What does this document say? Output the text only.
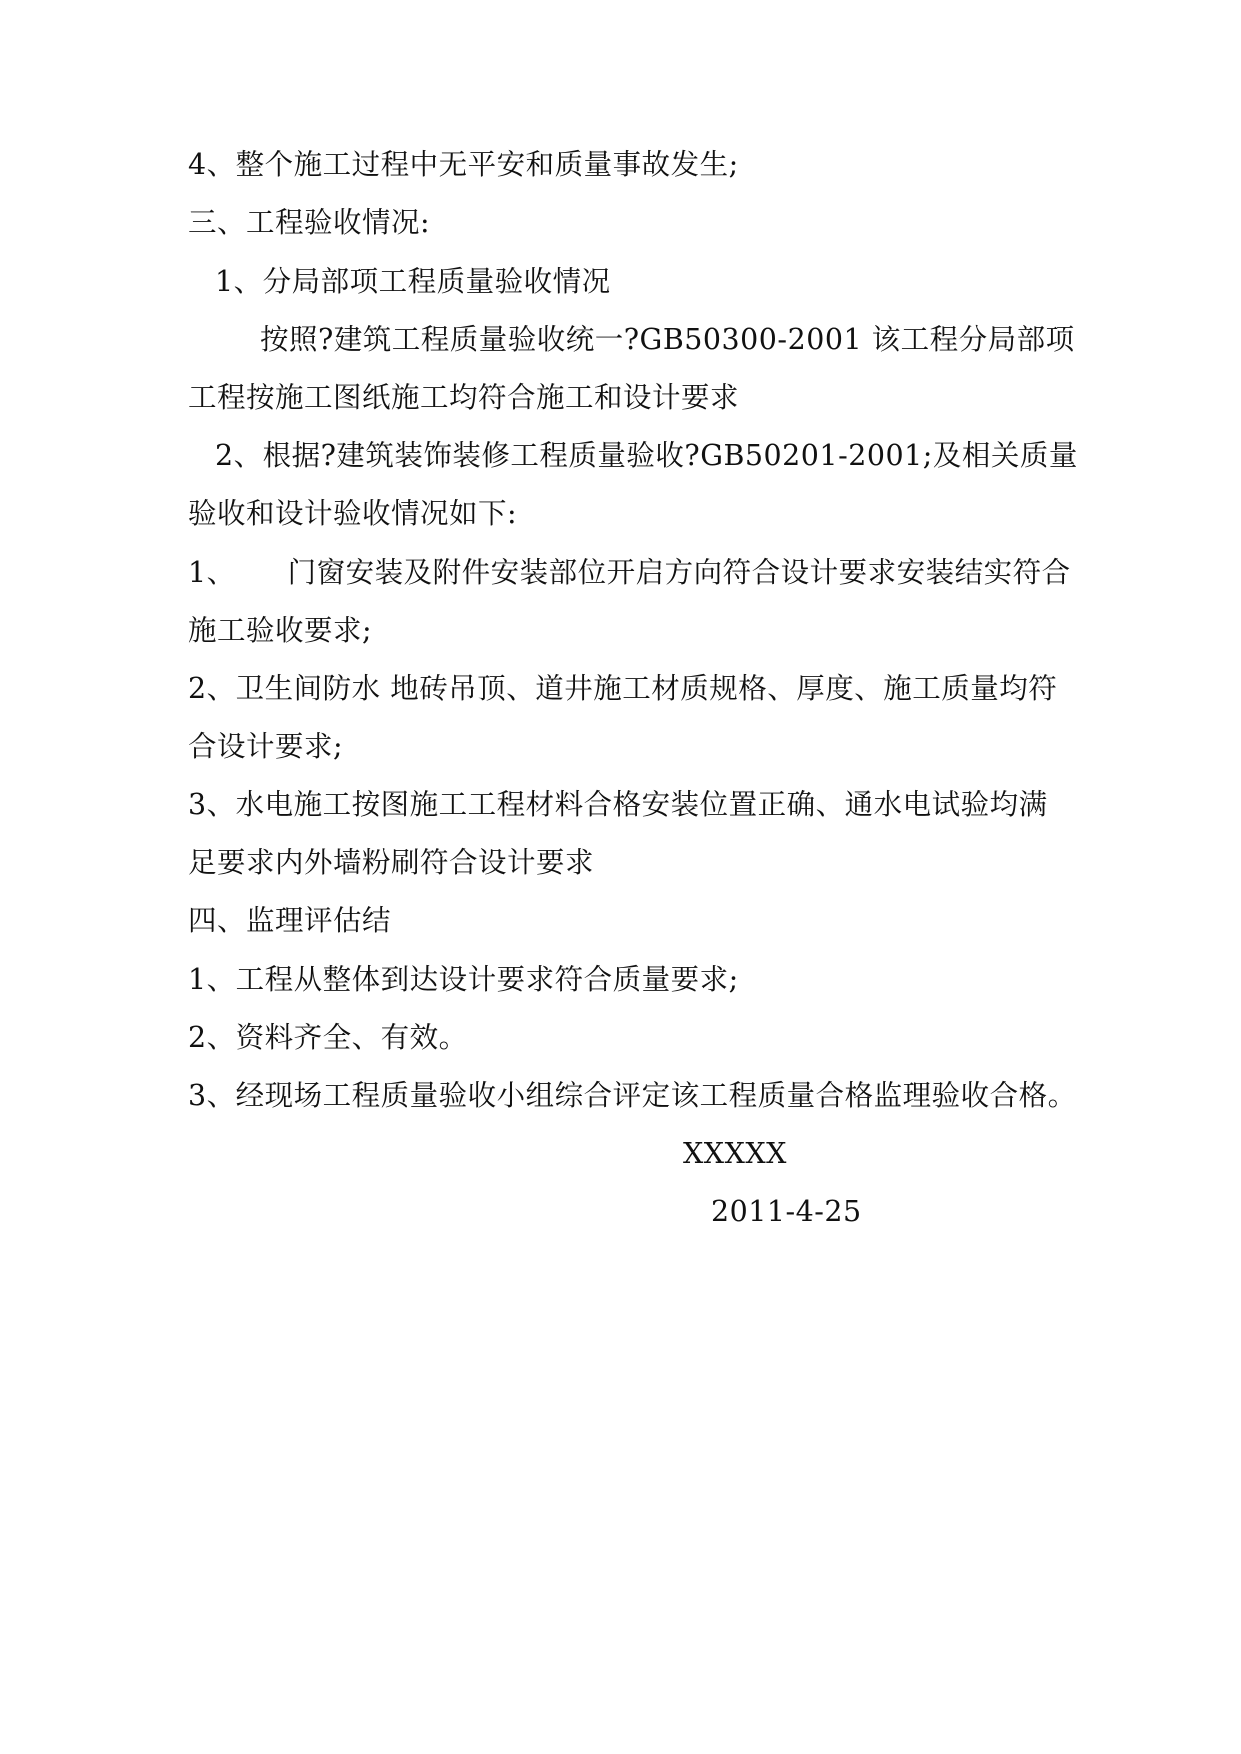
4、整个施工过程中无平安和质量事故发生;
三、工程验收情况:
1、分局部项工程质量验收情况
按照?建筑工程质量验收统一?GB50300-2001 该工程分局部项
工程按施工图纸施工均符合施工和设计要求
2、根据?建筑装饰装修工程质量验收?GB50201-2001;及相关质量
验收和设计验收情况如下:
1、 门窗安装及附件安装部位开启方向符合设计要求安装结实符合
施工验收要求;
2、卫生间防水 地砖吊顶、道井施工材质规格、厚度、施工质量均符
合设计要求;
3、水电施工按图施工工程材料合格安装位置正确、通水电试验均满
足要求内外墙粉刷符合设计要求
四、监理评估结
1、工程从整体到达设计要求符合质量要求;
2、资料齐全、有效。
3、经现场工程质量验收小组综合评定该工程质量合格监理验收合格。
XXXXX
2011-4-25
